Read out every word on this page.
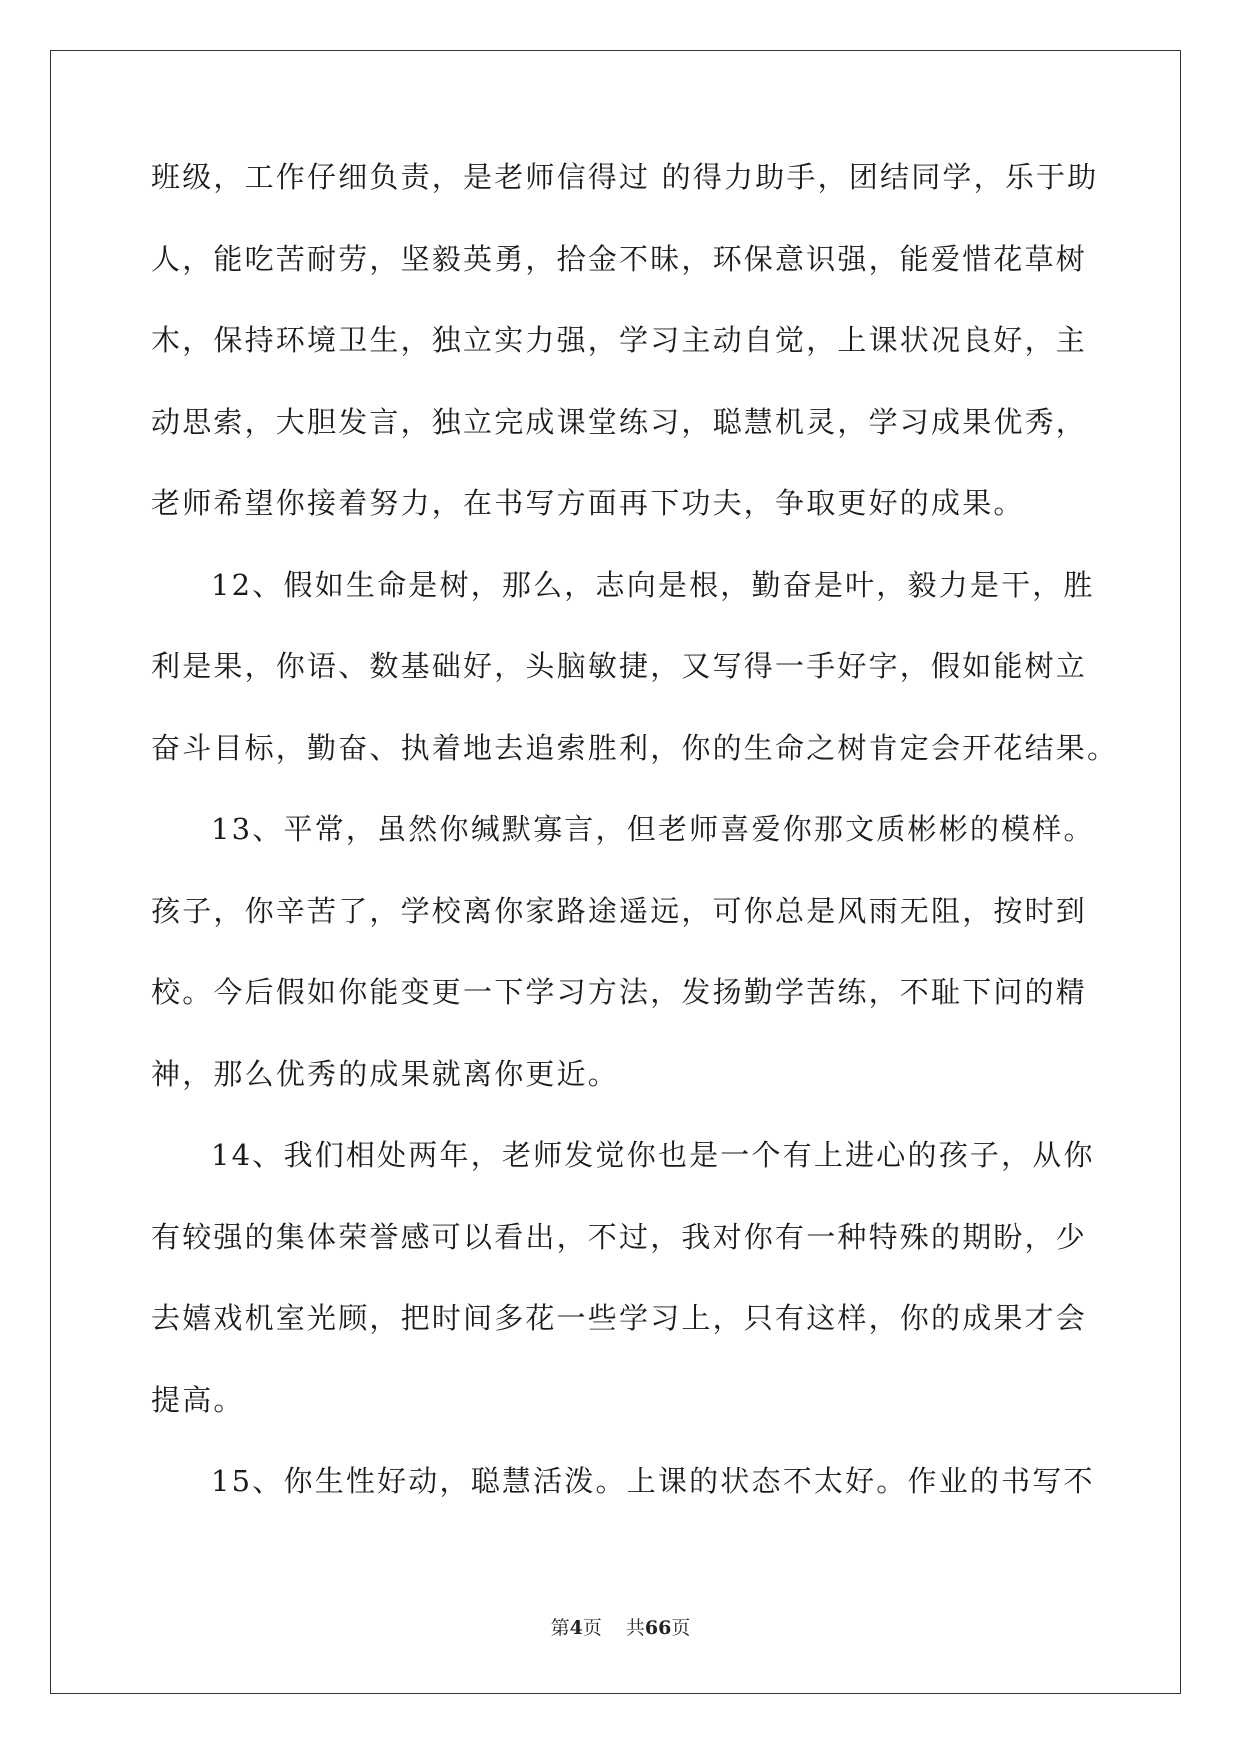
班级，工作仔细负责，是老师信得过 的得力助手，团结同学，乐于助
人，能吃苦耐劳，坚毅英勇，拾金不昧，环保意识强，能爱惜花草树
木，保持环境卫生，独立实力强，学习主动自觉，上课状况良好，主
动思索，大胆发言，独立完成课堂练习，聪慧机灵，学习成果优秀，
老师希望你接着努力，在书写方面再下功夫，争取更好的成果。
12、假如生命是树，那么，志向是根，勤奋是叶，毅力是干，胜
利是果，你语、数基础好，头脑敏捷，又写得一手好字，假如能树立
奋斗目标，勤奋、执着地去追索胜利，你的生命之树肯定会开花结果。
13、平常，虽然你缄默寡言，但老师喜爱你那文质彬彬的模样。
孩子，你辛苦了，学校离你家路途遥远，可你总是风雨无阻，按时到
校。今后假如你能变更一下学习方法，发扬勤学苦练，不耻下问的精
神，那么优秀的成果就离你更近。
14、我们相处两年，老师发觉你也是一个有上进心的孩子，从你
有较强的集体荣誉感可以看出，不过，我对你有一种特殊的期盼，少
去嬉戏机室光顾，把时间多花一些学习上，只有这样，你的成果才会
提高。
15、你生性好动，聪慧活泼。上课的状态不太好。作业的书写不
第4页 共66页
